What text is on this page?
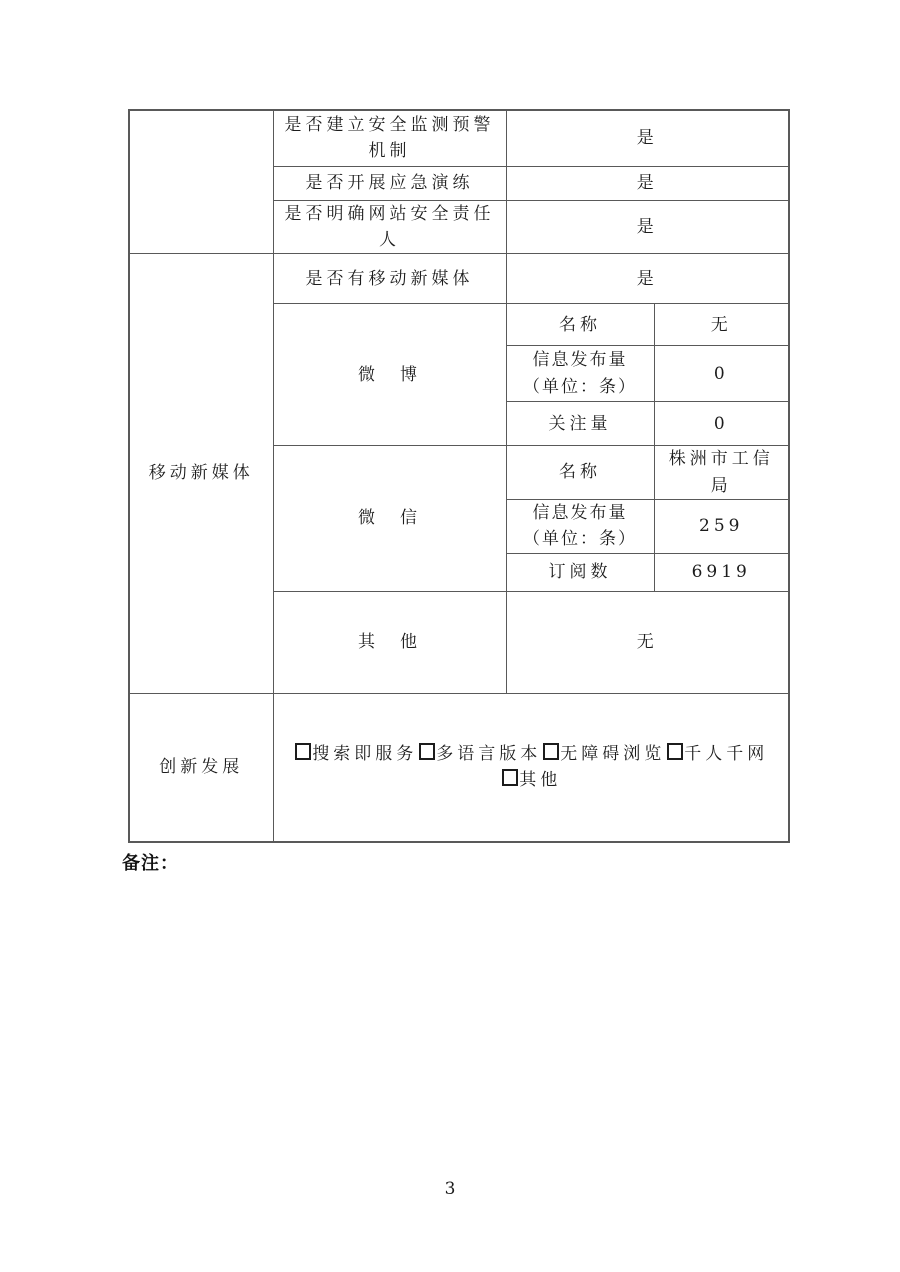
	是否建立安全监测预警
机制	是	
	是否开展应急演练	是	
	是否明确网站安全责任人	是	
移动新媒体	是否有移动新媒体	是	
	微　博	名称	无

		信息发布量
（单位：条）	0
		关注量	0
	微　信	名称	株洲市工信局

		信息发布量
（单位：条）	259
		订阅数	6919
	其　他	无	
创新发展	搜索即服务 多语言版本 无障碍浏览 千人千网其他		
备注：
3
